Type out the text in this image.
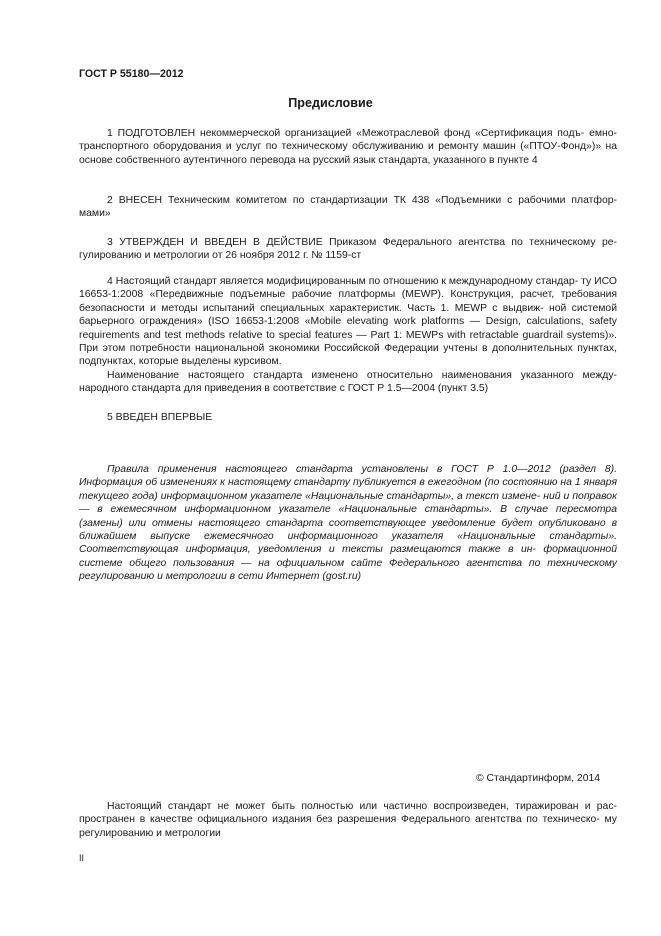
ГОСТ Р 55180—2012
Предисловие

1 ПОДГОТОВЛЕН некоммерческой организацией «Межотраслевой фонд «Сертификация подъ- емно-транспортного оборудования и услуг по техническому обслуживанию и ремонту машин («ПТОУ-Фонд»)» на основе собственного аутентичного перевода на русский язык стандарта, указанного в пункте 4

2 ВНЕСЕН Техническим комитетом по стандартизации ТК 438 «Подъемники с рабочими платфор- мами»

3 УТВЕРЖДЕН И ВВЕДЕН В ДЕЙСТВИЕ Приказом Федерального агентства по техническому ре- гулированию и метрологии от 26 ноября 2012 г. № 1159-ст

4 Настоящий стандарт является модифицированным по отношению к международному стандар- ту ИСО 16653-1:2008 «Передвижные подъемные рабочие платформы (MEWP). Конструкция, расчет, требования безопасности и методы испытаний специальных характеристик. Часть 1. MEWP с выдвиж- ной системой барьерного ограждения» (ISO 16653-1:2008 «Mobile elevating work platforms — Design, calculations, safety requirements and test methods relative to special features — Part 1: MEWPs with retractable guardrail systems)». При этом потребности национальной экономики Российской Федерации учтены в дополнительных пунктах, подпунктах, которые выделены курсивом.

Наименование настоящего стандарта изменено относительно наименования указанного между- народного стандарта для приведения в соответствие с ГОСТ Р 1.5—2004 (пункт 3.5)

5 ВВЕДЕН ВПЕРВЫЕ

Правила применения настоящего стандарта установлены в ГОСТ Р 1.0—2012 (раздел 8). Информация об изменениях к настоящему стандарту публикуется в ежегодном (по состоянию на 1 января текущего года) информационном указателе «Национальные стандарты», а текст измене- ний и поправок — в ежемесячном информационном указателе «Национальные стандарты». В случае пересмотра (замены) или отмены настоящего стандарта соответствующее уведомление будет опубликовано в ближайшем выпуске ежемесячного информационного указателя «Национальные стандарты». Соответствующая информация, уведомления и тексты размещаются также в ин- формационной системе общего пользования — на официальном сайте Федерального агентства по техническому регулированию и метрологии в сети Интернет (gost.ru)

© Стандартинформ, 2014

Настоящий стандарт не может быть полностью или частично воспроизведен, тиражирован и рас- пространен в качестве официального издания без разрешения Федерального агентства по техническо- му регулированию и метрологии

II
